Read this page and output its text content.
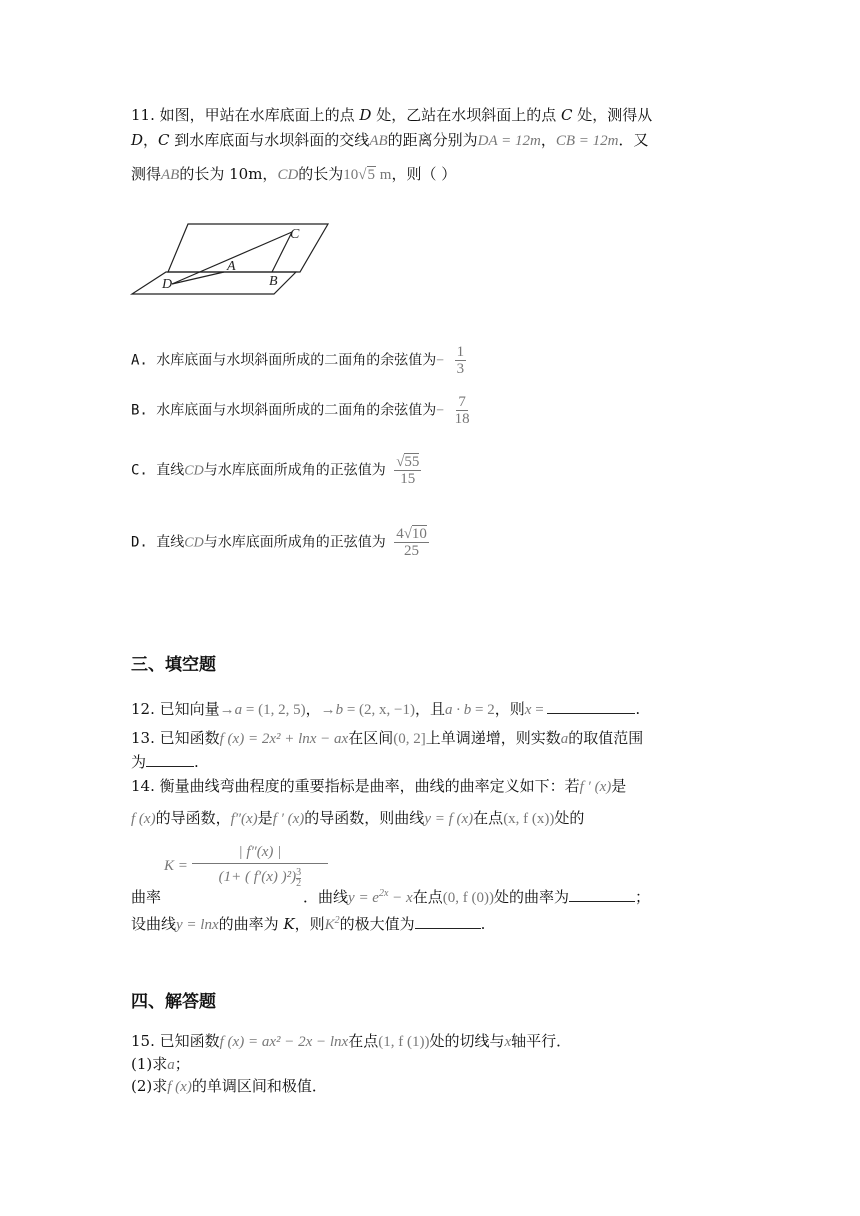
11. 如图，甲站在水库底面上的点 D 处，乙站在水坝斜面上的点 C 处，测得从
D，C 到水库底面与水坝斜面的交线AB的距离分别为DA = 12m，CB = 12m．又
测得AB的长为 10m，CD的长为10√5 m，则（ ）
C
A
D	B
A. 水库底面与水坝斜面所成的二面角的余弦值为− $\frac{1}{3}$
B. 水库底面与水坝斜面所成的二面角的余弦值为− $\frac{7}{18}$
C. 直线CD与水库底面所成角的正弦值为 $\frac{√55}{15}$
D. 直线CD与水库底面所成角的正弦值为 $\frac{4√10}{25}$
三、填空题
12. 已知向量→a = (1, 2, 5)，→b = (2, x, −1)，且a · b = 2，则x =	.
13. 已知函数f (x) = 2x² + lnx − ax在区间(0, 2]上单调递增，则实数a的取值范围
为	.
14. 衡量曲线弯曲程度的重要指标是曲率，曲线的曲率定义如下：若f ′ (x)是
f (x)的导函数，f″(x)是f ′ (x)的导函数，则曲线y = f (x)在点(x, f (x))处的
$K = \frac{| f''(x) |}{(1+ ( f'(x) )^2) \frac{3}{2}}$
曲率	．曲线$y = e^{2x} - x$在点(0, f (0))处的曲率为	；
设曲线y = lnx的曲率为 K，则$K^2$的极大值为	.
四、解答题
15. 已知函数f (x) = ax² − 2x − lnx在点(1, f (1))处的切线与x轴平行．
(1)求a；
(2)求f (x)的单调区间和极值．
